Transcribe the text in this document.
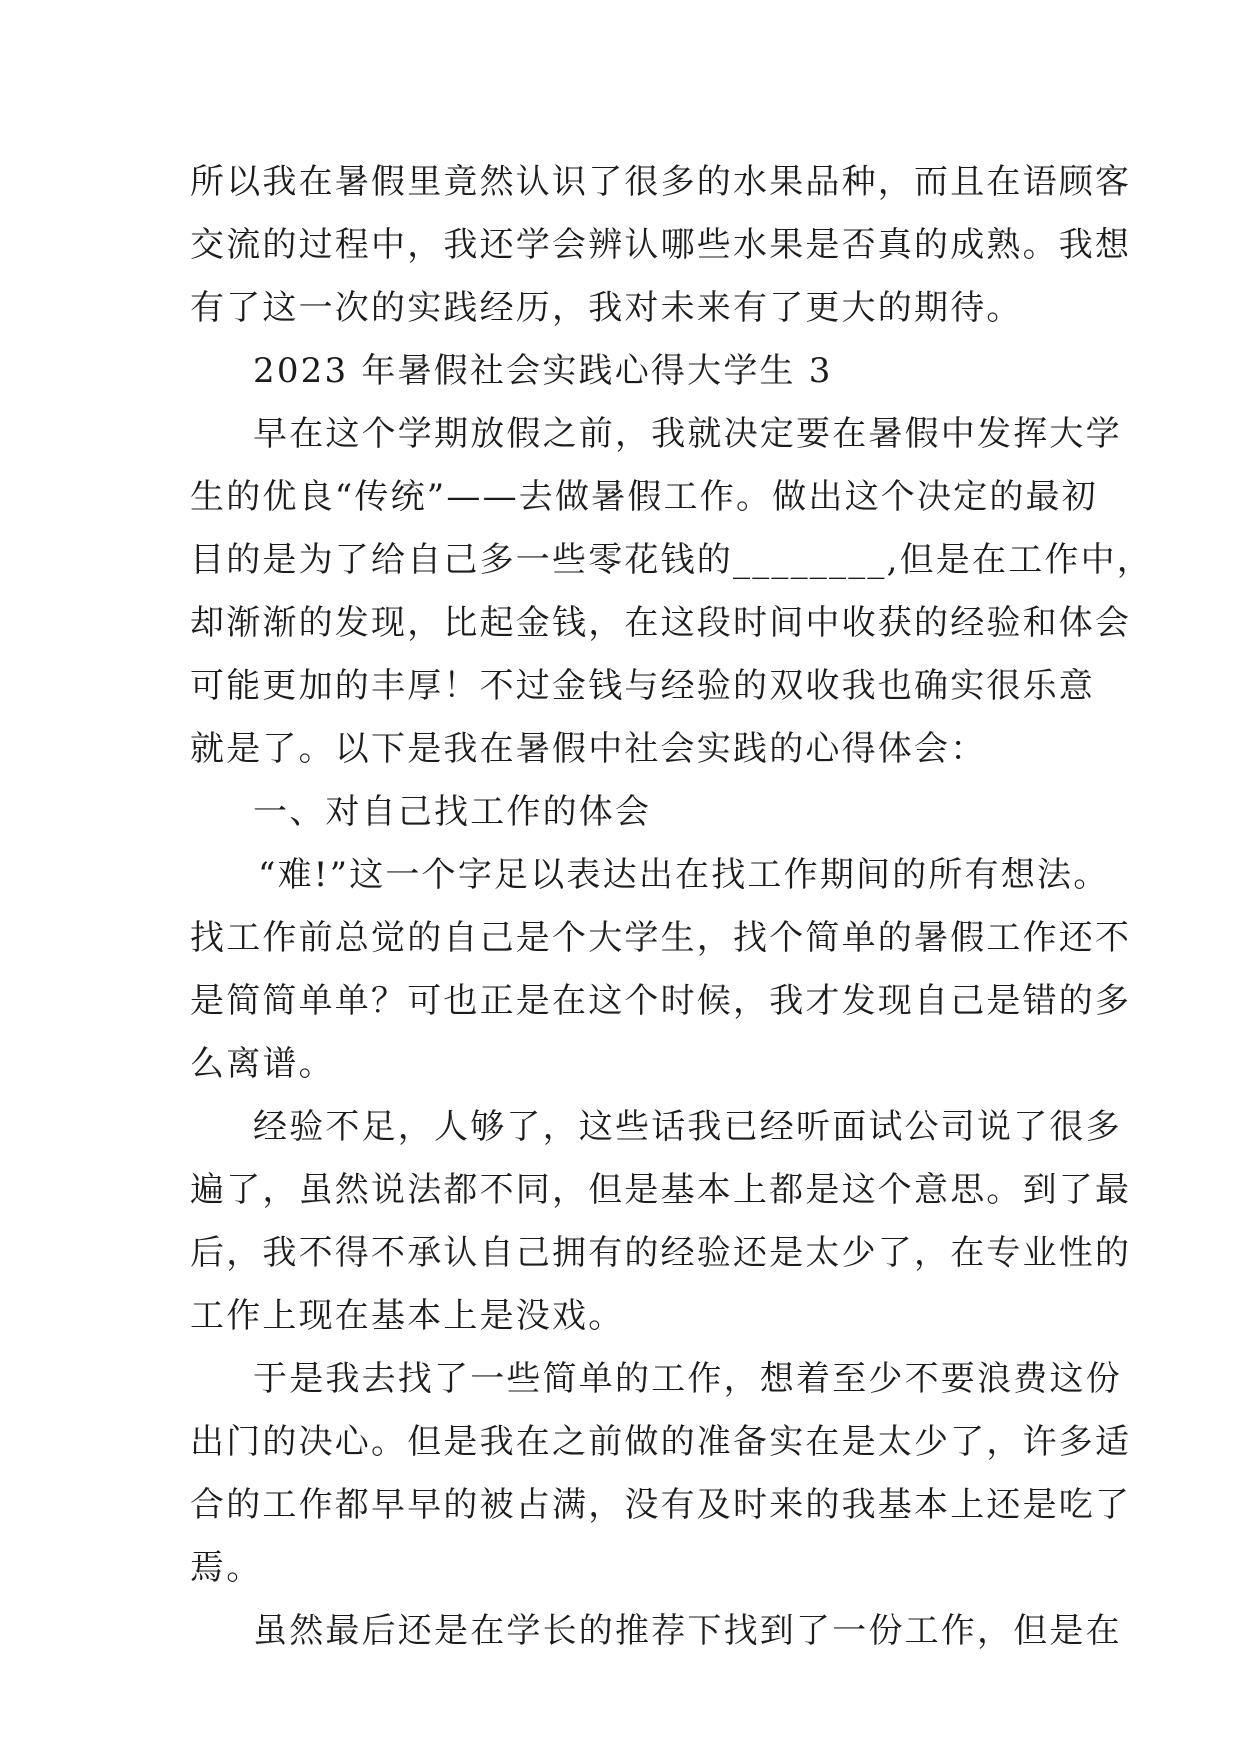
所以我在暑假里竟然认识了很多的水果品种，而且在语顾客
交流的过程中，我还学会辨认哪些水果是否真的成熟。我想
有了这一次的实践经历，我对未来有了更大的期待。
2023 年暑假社会实践心得大学生 3
早在这个学期放假之前，我就决定要在暑假中发挥大学
生的优良“传统”——去做暑假工作。做出这个决定的最初
目的是为了给自己多一些零花钱的________,但是在工作中，
却渐渐的发现，比起金钱，在这段时间中收获的经验和体会
可能更加的丰厚！不过金钱与经验的双收我也确实很乐意
就是了。以下是我在暑假中社会实践的心得体会：
一、对自己找工作的体会
“难!”这一个字足以表达出在找工作期间的所有想法。
找工作前总觉的自己是个大学生，找个简单的暑假工作还不
是简简单单？可也正是在这个时候，我才发现自己是错的多
么离谱。
经验不足，人够了，这些话我已经听面试公司说了很多
遍了，虽然说法都不同，但是基本上都是这个意思。到了最
后，我不得不承认自己拥有的经验还是太少了，在专业性的
工作上现在基本上是没戏。
于是我去找了一些简单的工作，想着至少不要浪费这份
出门的决心。但是我在之前做的准备实在是太少了，许多适
合的工作都早早的被占满，没有及时来的我基本上还是吃了
焉。
虽然最后还是在学长的推荐下找到了一份工作，但是在
